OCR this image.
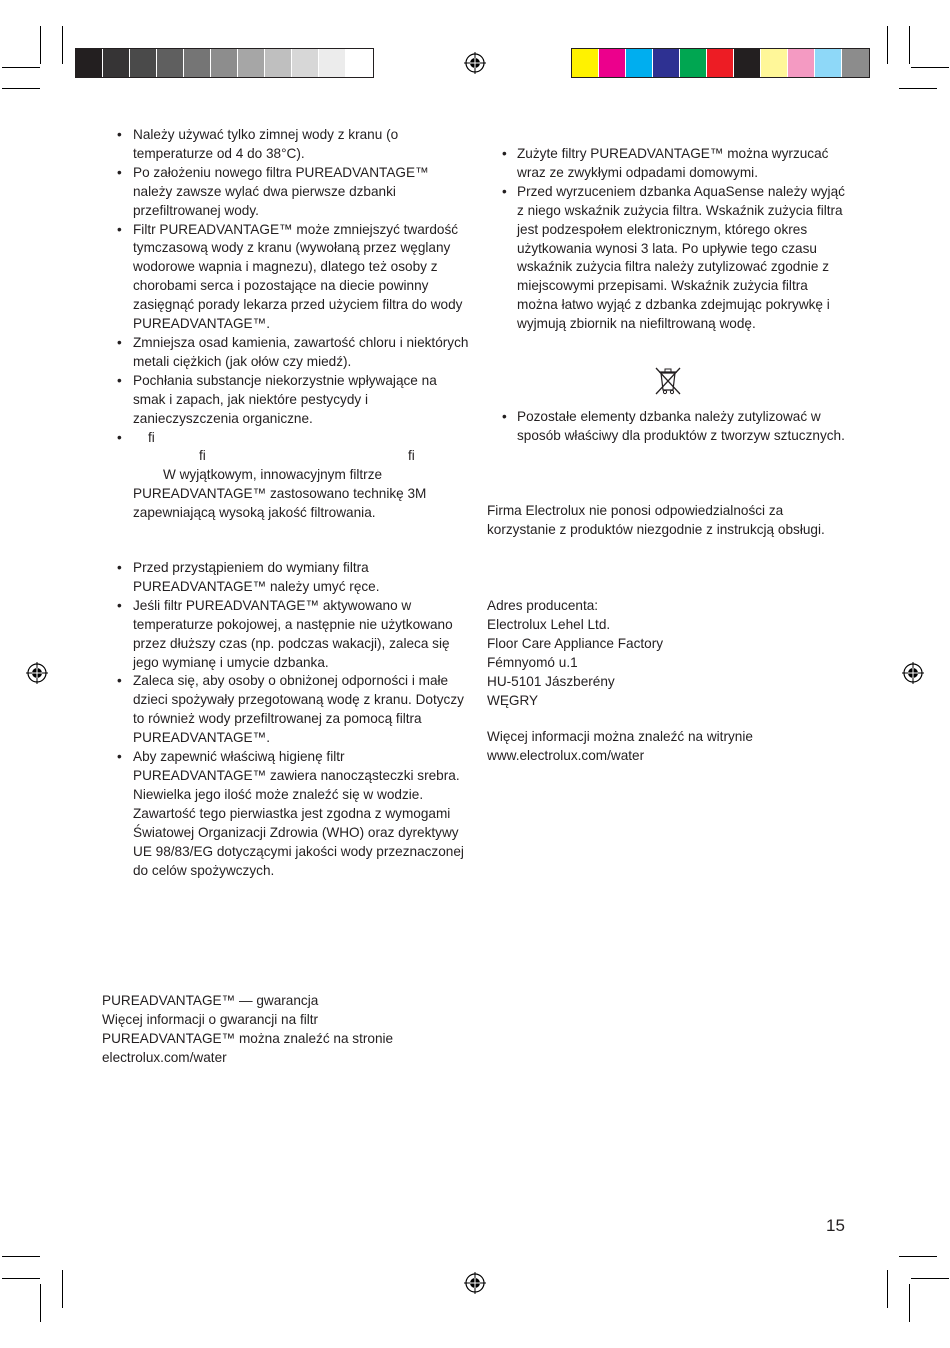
• Należy używać tylko zimnej wody z kranu (o temperaturze od 4 do 38°C).
• Po założeniu nowego filtra PUREADVANTAGE™ należy zawsze wylać dwa pierwsze dzbanki przefiltrowanej wody.
• Filtr PUREADVANTAGE™ może zmniejszyć twardość tymczasową wody z kranu (wywołaną przez węglany wodorowe wapnia i magnezu), dlatego też osoby z chorobami serca i pozostające na diecie powinny zasięgnąć porady lekarza przed użyciem filtra do wody PUREADVANTAGE™.
• Zmniejsza osad kamienia, zawartość chloru i niektórych metali ciężkich (jak ołów czy miedź).
• Pochłania substancje niekorzystnie wpływające na smak i zapach, jak niektóre pestycydy i zanieczyszczenia organiczne.
• fi
fi	fi
W wyjątkowym, innowacyjnym filtrze
PUREADVANTAGE™ zastosowano technikę 3M
zapewniającą wysoką jakość filtrowania.
• Przed przystąpieniem do wymiany filtra PUREADVANTAGE™ należy umyć ręce.
• Jeśli filtr PUREADVANTAGE™ aktywowano w temperaturze pokojowej, a następnie nie użytkowano przez dłuższy czas (np. podczas wakacji), zaleca się jego wymianę i umycie dzbanka.
• Zaleca się, aby osoby o obniżonej odporności i małe dzieci spożywały przegotowaną wodę z kranu. Dotyczy to również wody przefiltrowanej za pomocą filtra PUREADVANTAGE™.
• Aby zapewnić właściwą higienę filtr PUREADVANTAGE™ zawiera nanocząsteczki srebra. Niewielka jego ilość może znaleźć się w wodzie. Zawartość tego pierwiastka jest zgodna z wymogami Światowej Organizacji Zdrowia (WHO) oraz dyrektywy UE 98/83/EG dotyczącymi jakości wody przeznaczonej do celów spożywczych.
PUREADVANTAGE™ — gwarancja
Więcej informacji o gwarancji na filtr
PUREADVANTAGE™ można znaleźć na stronie
electrolux.com/water
• Zużyte filtry PUREADVANTAGE™ można wyrzucać wraz ze zwykłymi odpadami domowymi.
• Przed wyrzuceniem dzbanka AquaSense należy wyjąć z niego wskaźnik zużycia filtra. Wskaźnik zużycia filtra jest podzespołem elektronicznym, którego okres użytkowania wynosi 3 lata. Po upływie tego czasu wskaźnik zużycia filtra należy zutylizować zgodnie z miejscowymi przepisami. Wskaźnik zużycia filtra można łatwo wyjąć z dzbanka zdejmując pokrywkę i wyjmują zbiornik na niefiltrowaną wodę.
• Pozostałe elementy dzbanka należy zutylizować w sposób właściwy dla produktów z tworzyw sztucznych.

Firma Electrolux nie ponosi odpowiedzialności za korzystanie z produktów niezgodnie z instrukcją obsługi.

Adres producenta:
Electrolux Lehel Ltd.
Floor Care Appliance Factory
Fémnyomó u.1
HU-5101 Jászberény
WĘGRY
Więcej informacji można znaleźć na witrynie
www.electrolux.com/water
15
